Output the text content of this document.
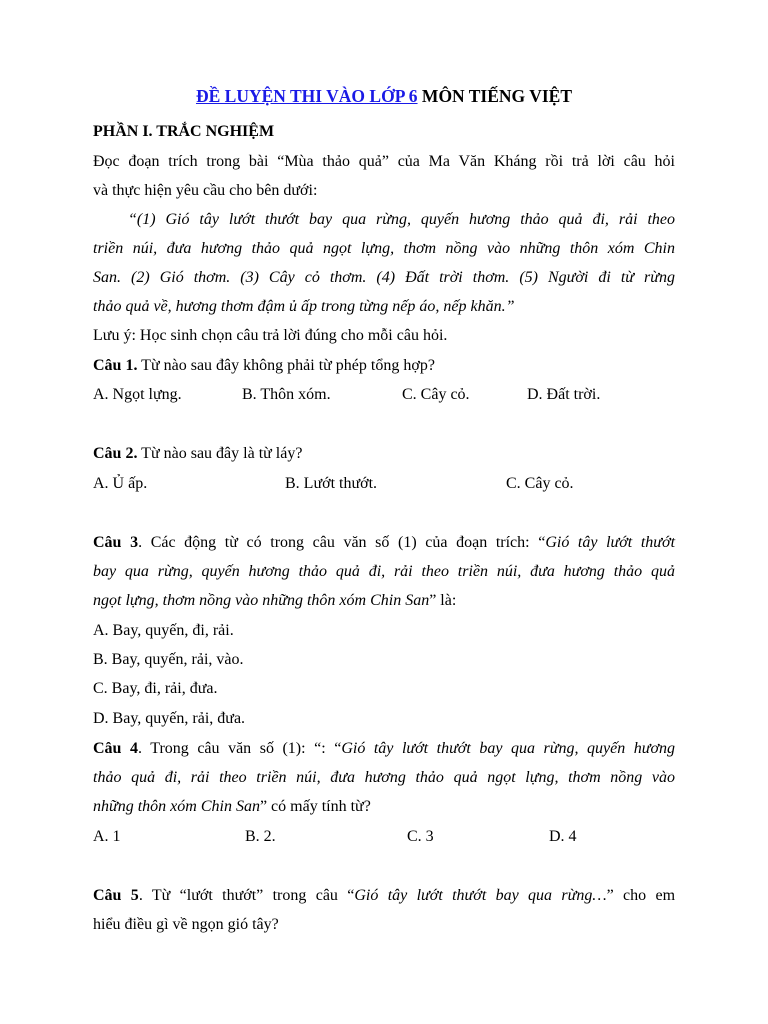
ĐỀ LUYỆN THI VÀO LỚP 6 MÔN TIẾNG VIỆT
PHẦN I. TRẮC NGHIỆM
Đọc đoạn trích trong bài “Mùa thảo quả” của Ma Văn Kháng rồi trả lời câu hỏi
và thực hiện yêu cầu cho bên dưới:
“(1) Gió tây lướt thướt bay qua rừng, quyến hương thảo quả đi, rải theo
triền núi, đưa hương thảo quả ngọt lựng, thơm nồng vào những thôn xóm Chin
San. (2) Gió thơm. (3) Cây cỏ thơm. (4) Đất trời thơm. (5) Người đi từ rừng
thảo quả về, hương thơm đậm ủ ấp trong từng nếp áo, nếp khăn.”
Lưu ý: Học sinh chọn câu trả lời đúng cho mỗi câu hỏi.
Câu 1. Từ nào sau đây không phải từ phép tổng hợp?
A. Ngọt lựng.	B. Thôn xóm.	C. Cây cỏ.	D. Đất trời.
Câu 2. Từ nào sau đây là từ láy?
A. Ủ ấp.	B. Lướt thướt.	C. Cây cỏ.
Câu 3. Các động từ có trong câu văn số (1) của đoạn trích: “Gió tây lướt thướt
bay qua rừng, quyến hương thảo quả đi, rải theo triền núi, đưa hương thảo quả
ngọt lựng, thơm nồng vào những thôn xóm Chin San” là:
A. Bay, quyến, đi, rải.
B. Bay, quyến, rải, vào.
C. Bay, đi, rải, đưa.
D. Bay, quyến, rải, đưa.
Câu 4. Trong câu văn số (1): “: “Gió tây lướt thướt bay qua rừng, quyến hương
thảo quả đi, rải theo triền núi, đưa hương thảo quả ngọt lựng, thơm nồng vào
những thôn xóm Chin San” có mấy tính từ?
A. 1	B. 2.	C. 3	D. 4
Câu 5. Từ “lướt thướt” trong câu “Gió tây lướt thướt bay qua rừng…” cho em
hiểu điều gì về ngọn gió tây?
